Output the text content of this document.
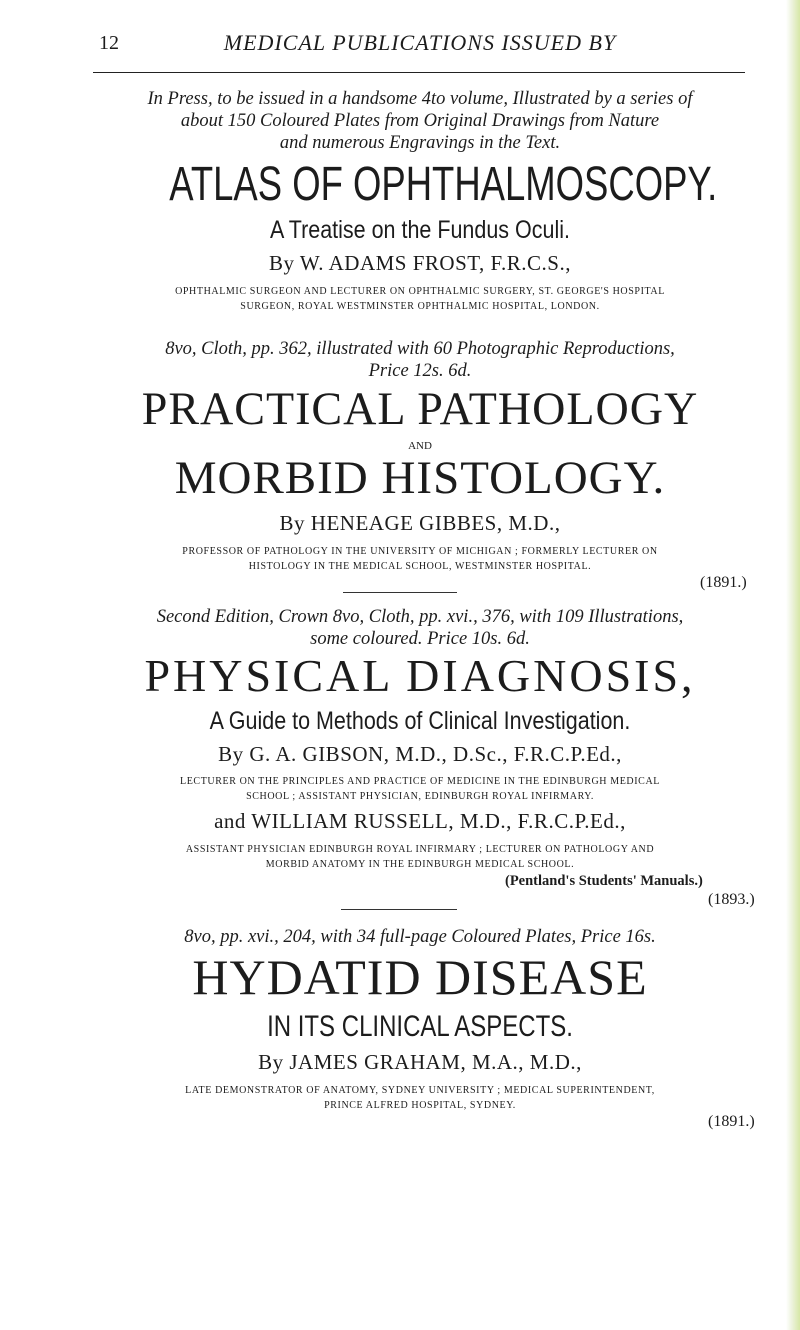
12	MEDICAL PUBLICATIONS ISSUED BY
In Press, to be issued in a handsome 4to volume, Illustrated by a series of
about 150 Coloured Plates from Original Drawings from Nature
and numerous Engravings in the Text.
ATLAS OF OPHTHALMOSCOPY.
A Treatise on the Fundus Oculi.
By W. ADAMS FROST, F.R.C.S.,
OPHTHALMIC SURGEON AND LECTURER ON OPHTHALMIC SURGERY, ST. GEORGE'S HOSPITAL
SURGEON, ROYAL WESTMINSTER OPHTHALMIC HOSPITAL, LONDON.
8vo, Cloth, pp. 362, illustrated with 60 Photographic Reproductions,
Price 12s. 6d.
PRACTICAL PATHOLOGY
AND
MORBID HISTOLOGY.
By HENEAGE GIBBES, M.D.,
PROFESSOR OF PATHOLOGY IN THE UNIVERSITY OF MICHIGAN ; FORMERLY LECTURER ON
HISTOLOGY IN THE MEDICAL SCHOOL, WESTMINSTER HOSPITAL.
(1891.)
Second Edition, Crown 8vo, Cloth, pp. xvi., 376, with 109 Illustrations,
some coloured. Price 10s. 6d.
PHYSICAL DIAGNOSIS,
A Guide to Methods of Clinical Investigation.
By G. A. GIBSON, M.D., D.Sc., F.R.C.P.Ed.,
LECTURER ON THE PRINCIPLES AND PRACTICE OF MEDICINE IN THE EDINBURGH MEDICAL
SCHOOL ; ASSISTANT PHYSICIAN, EDINBURGH ROYAL INFIRMARY.
and WILLIAM RUSSELL, M.D., F.R.C.P.Ed.,
ASSISTANT PHYSICIAN EDINBURGH ROYAL INFIRMARY ; LECTURER ON PATHOLOGY AND
MORBID ANATOMY IN THE EDINBURGH MEDICAL SCHOOL.
(Pentland's Students' Manuals.)
(1893.)
8vo, pp. xvi., 204, with 34 full-page Coloured Plates, Price 16s.
HYDATID DISEASE
IN ITS CLINICAL ASPECTS.
By JAMES GRAHAM, M.A., M.D.,
LATE DEMONSTRATOR OF ANATOMY, SYDNEY UNIVERSITY ; MEDICAL SUPERINTENDENT,
PRINCE ALFRED HOSPITAL, SYDNEY.
(1891.)
